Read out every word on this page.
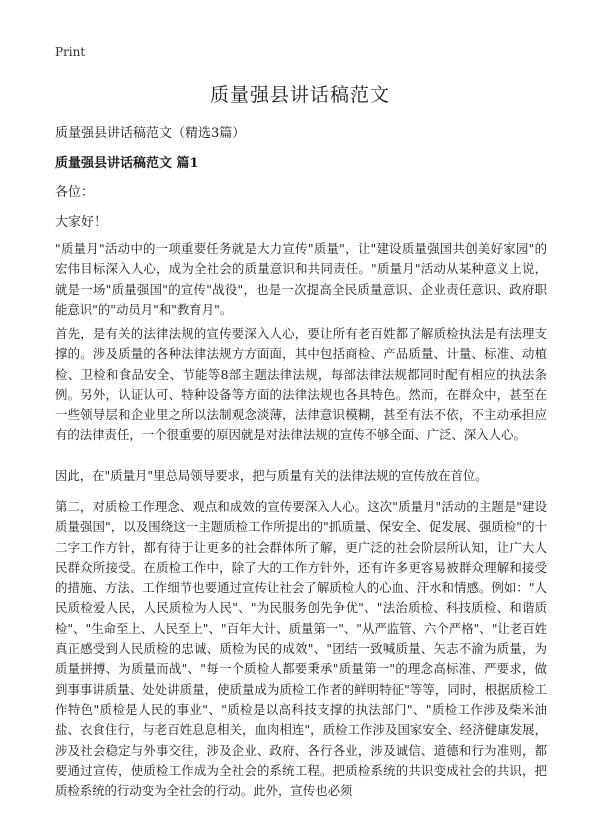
Print
质量强县讲话稿范文

质量强县讲话稿范文（精选3篇）

质量强县讲话稿范文 篇1

各位：

大家好！

"质量月"活动中的一项重要任务就是大力宣传"质量"，让"建设质量强国共创美好家园"的宏伟目标深入人心，成为全社会的质量意识和共同责任。"质量月"活动从某种意义上说，就是一场"质量强国"的宣传"战役"，也是一次提高全民质量意识、企业责任意识、政府职能意识"的"动员月"和"教育月"。

首先，是有关的法律法规的宣传要深入人心，要让所有老百姓都了解质检执法是有法理支撑的。涉及质量的各种法律法规方方面面，其中包括商检、产品质量、计量、标准、动植检、卫检和食品安全、节能等8部主题法律法规，每部法律法规都同时配有相应的执法条例。另外，认证认可、特种设备等方面的法律法规也各具特色。然而，在群众中，甚至在一些领导层和企业里之所以法制观念淡薄，法律意识模糊，甚至有法不依，不主动承担应有的法律责任，一个很重要的原因就是对法律法规的宣传不够全面、广泛、深入人心。

因此，在"质量月"里总局领导要求，把与质量有关的法律法规的宣传放在首位。

第二，对质检工作理念、观点和成效的宣传要深入人心。这次"质量月"活动的主题是"建设质量强国"，以及围绕这一主题质检工作所提出的"抓质量、保安全、促发展、强质检"的十二字工作方针，都有待于让更多的社会群体所了解，更广泛的社会阶层所认知，让广大人民群众所接受。在质检工作中，除了大的工作方针外，还有许多更容易被群众理解和接受的措施、方法、工作细节也要通过宣传让社会了解质检人的心血、汗水和情感。例如："人民质检爱人民，人民质检为人民"、"为民服务创先争优"、"法治质检、科技质检、和谐质检"、"生命至上、人民至上"、"百年大计、质量第一"、"从严监管、六个严格"、"让老百姓真正感受到人民质检的忠诚、质检为民的成效"、"团结一致喊质量、矢志不渝为质量，为质量拼搏、为质量而战"、"每一个质检人都要秉承"质量第一"的理念高标准、严要求，做到事事讲质量、处处讲质量，使质量成为质检工作者的鲜明特征"等等，同时，根据质检工作特色"质检是人民的事业"、"质检是以高科技支撑的执法部门"、"质检工作涉及柴米油盐、衣食住行，与老百姓息息相关，血肉相连"，质检工作涉及国家安全、经济健康发展，涉及社会稳定与外事交往，涉及企业、政府、各行各业，涉及诚信、道德和行为准则，都要通过宣传，使质检工作成为全社会的系统工程。把质检系统的共识变成社会的共识，把质检系统的行动变为全社会的行动。此外，宣传也必须
